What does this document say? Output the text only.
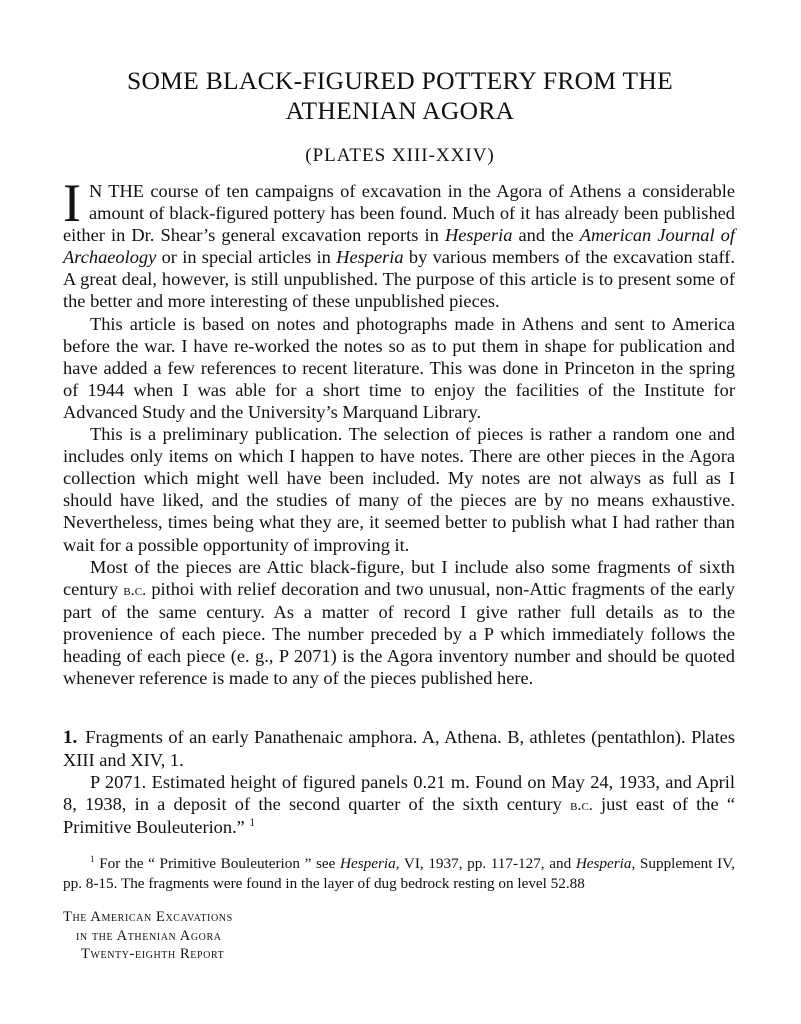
SOME BLACK-FIGURED POTTERY FROM THE
ATHENIAN AGORA
(PLATES XIII-XXIV)

I N THE course of ten campaigns of excavation in the Agora of Athens a considerable amount of black-figured pottery has been found. Much of it has already been published either in Dr. Shear’s general excavation reports in Hesperia and the American Journal of Archaeology or in special articles in Hesperia by various members of the excavation staff. A great deal, however, is still unpublished. The purpose of this article is to present some of the better and more interesting of these unpublished pieces.

This article is based on notes and photographs made in Athens and sent to America before the war. I have re-worked the notes so as to put them in shape for publication and have added a few references to recent literature. This was done in Princeton in the spring of 1944 when I was able for a short time to enjoy the facilities of the Institute for Advanced Study and the University’s Marquand Library.

This is a preliminary publication. The selection of pieces is rather a random one and includes only items on which I happen to have notes. There are other pieces in the Agora collection which might well have been included. My notes are not always as full as I should have liked, and the studies of many of the pieces are by no means exhaustive. Nevertheless, times being what they are, it seemed better to publish what I had rather than wait for a possible opportunity of improving it.

Most of the pieces are Attic black-figure, but I include also some fragments of sixth century b.c. pithoi with relief decoration and two unusual, non-Attic fragments of the early part of the same century. As a matter of record I give rather full details as to the provenience of each piece. The number preceded by a P which immediately follows the heading of each piece (e. g., P 2071) is the Agora inventory number and should be quoted whenever reference is made to any of the pieces published here.

1. Fragments of an early Panathenaic amphora. A, Athena. B, athletes (pentathlon). Plates XIII and XIV, 1.

P 2071. Estimated height of figured panels 0.21 m. Found on May 24, 1933, and April 8, 1938, in a deposit of the second quarter of the sixth century b.c. just east of the “ Primitive Bouleuterion.” $^1$

$^1$ For the “ Primitive Bouleuterion ” see Hesperia, VI, 1937, pp. 117-127, and Hesperia, Supplement IV, pp. 8-15. The fragments were found in the layer of dug bedrock resting on level 52.88

The American Excavations
in the Athenian Agora
Twenty-eighth Report
